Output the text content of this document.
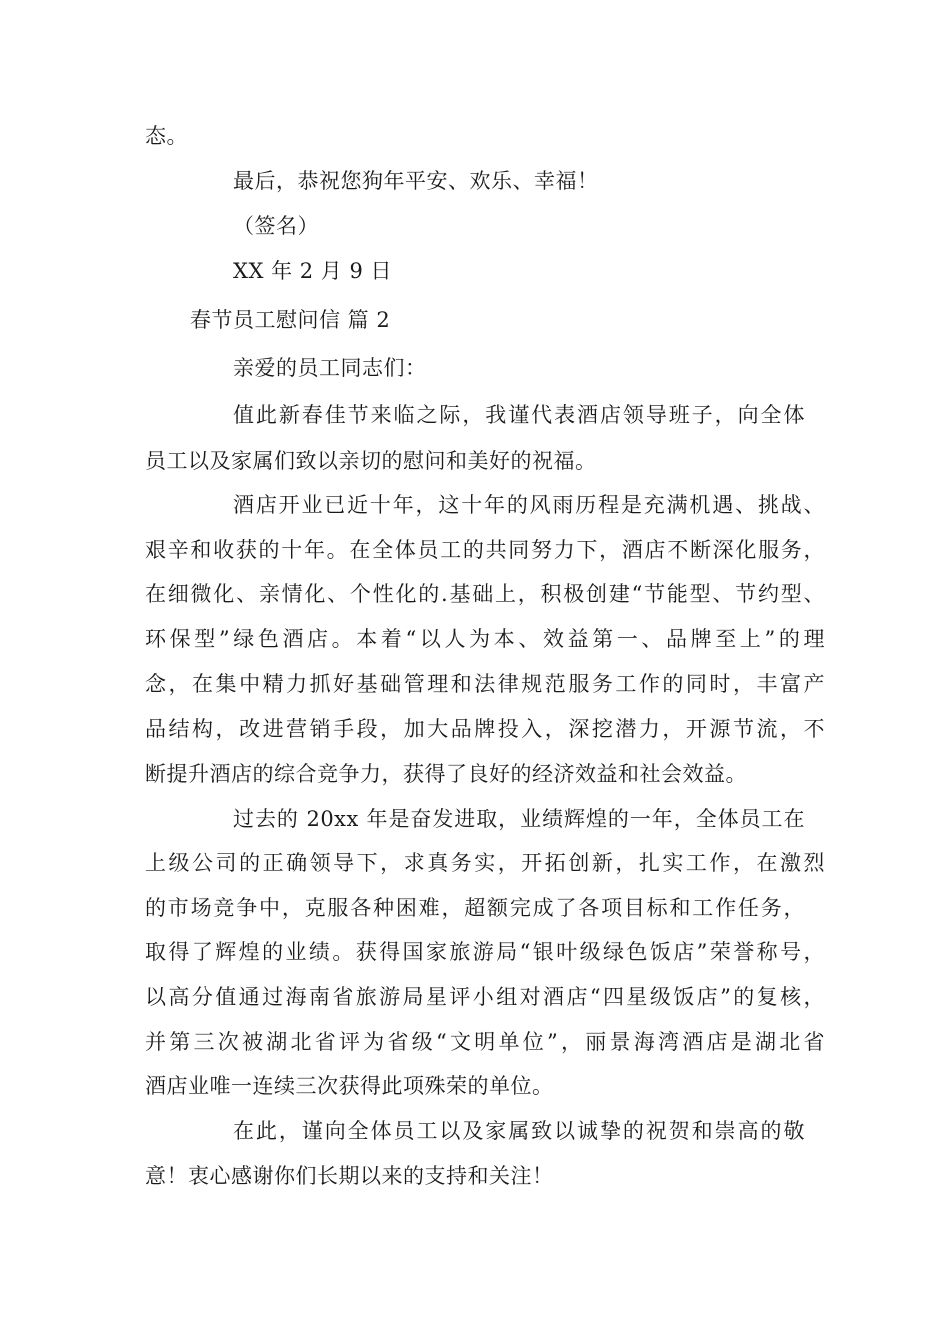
态。
最后，恭祝您狗年平安、欢乐、幸福！
（签名）
XX 年 2 月 9 日
春节员工慰问信 篇 2
亲爱的员工同志们：
值此新春佳节来临之际，我谨代表酒店领导班子，向全体
员工以及家属们致以亲切的慰问和美好的祝福。
酒店开业已近十年，这十年的风雨历程是充满机遇、挑战、
艰辛和收获的十年。在全体员工的共同努力下，酒店不断深化服务，
在细微化、亲情化、个性化的.基础上，积极创建“节能型、节约型、
环保型”绿色酒店。本着“以人为本、效益第一、品牌至上”的理
念，在集中精力抓好基础管理和法律规范服务工作的同时，丰富产
品结构，改进营销手段，加大品牌投入，深挖潜力，开源节流，不
断提升酒店的综合竞争力，获得了良好的经济效益和社会效益。
过去的 20xx 年是奋发进取，业绩辉煌的一年，全体员工在
上级公司的正确领导下，求真务实，开拓创新，扎实工作，在激烈
的市场竞争中，克服各种困难，超额完成了各项目标和工作任务，
取得了辉煌的业绩。获得国家旅游局“银叶级绿色饭店”荣誉称号，
以高分值通过海南省旅游局星评小组对酒店“四星级饭店”的复核，
并第三次被湖北省评为省级“文明单位”，丽景海湾酒店是湖北省
酒店业唯一连续三次获得此项殊荣的单位。
在此，谨向全体员工以及家属致以诚挚的祝贺和崇高的敬
意！衷心感谢你们长期以来的支持和关注！
